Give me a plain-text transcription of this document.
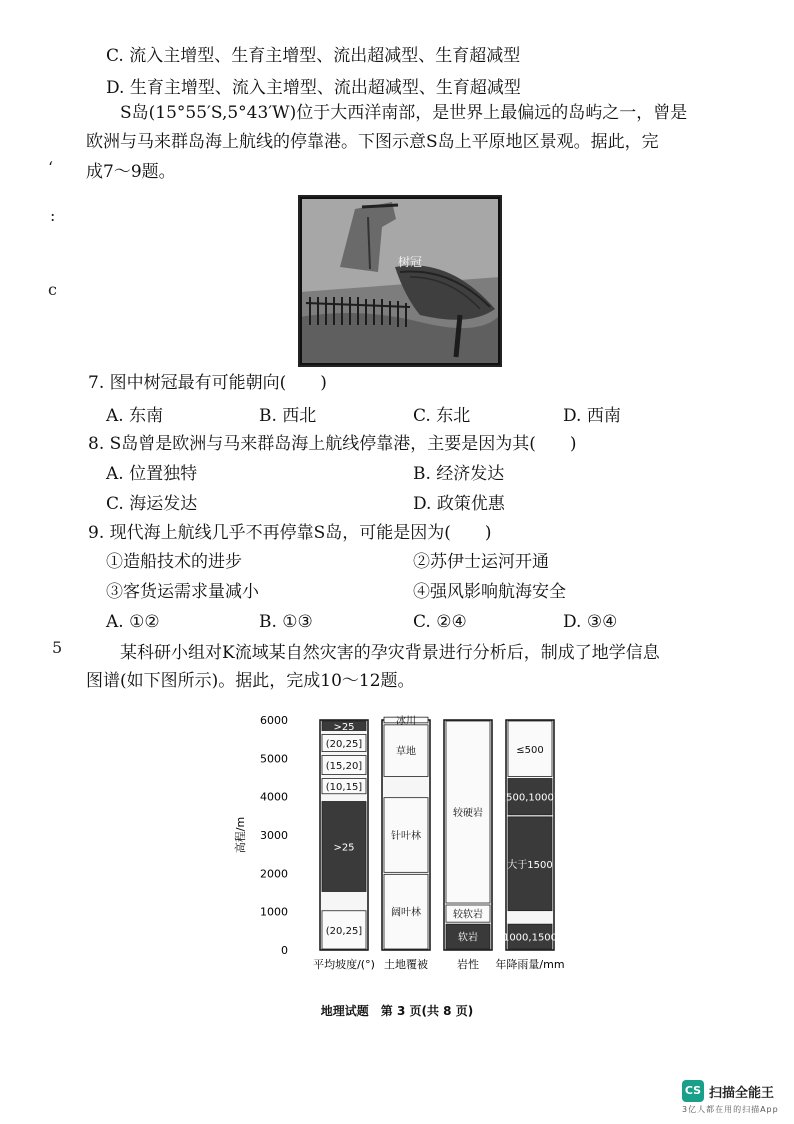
C. 流入主增型、生育主增型、流出超减型、生育超减型
D. 生育主增型、流入主增型、流出超减型、生育超减型
S岛(15°55′S,5°43′W)位于大西洋南部，是世界上最偏远的岛屿之一，曾是
欧洲与马来群岛海上航线的停靠港。下图示意S岛上平原地区景观。据此，完
成7～9题。
‘
:
c
5
树冠
7. 图中树冠最有可能朝向(　　)
A. 东南	B. 西北	C. 东北	D. 西南
8. S岛曾是欧洲与马来群岛海上航线停靠港，主要是因为其(　　)
A. 位置独特	B. 经济发达
C. 海运发达	D. 政策优惠
9. 现代海上航线几乎不再停靠S岛，可能是因为(　　)
①造船技术的进步	②苏伊士运河开通
③客货运需求量减小	④强风影响航海安全
A. ①②	B. ①③	C. ②④	D. ③④
某科研小组对K流域某自然灾害的孕灾背景进行分析后，制成了地学信息
图谱(如下图所示)。据此，完成10～12题。
高程/m
0
1000
2000
3000
4000
5000
6000
(20,25]
>25
(10,15]
(15,20]
(20,25]
>25
平均坡度/(°)
阔叶林
针叶林
草地
冰川
土地覆被
软岩
较软岩
较硬岩
岩性
1000,1500
大于1500
(500,1000]
≤500
年降雨量/mm
地理试题　第 3 页(共 8 页)
CS 扫描全能王
3亿人都在用的扫描App
